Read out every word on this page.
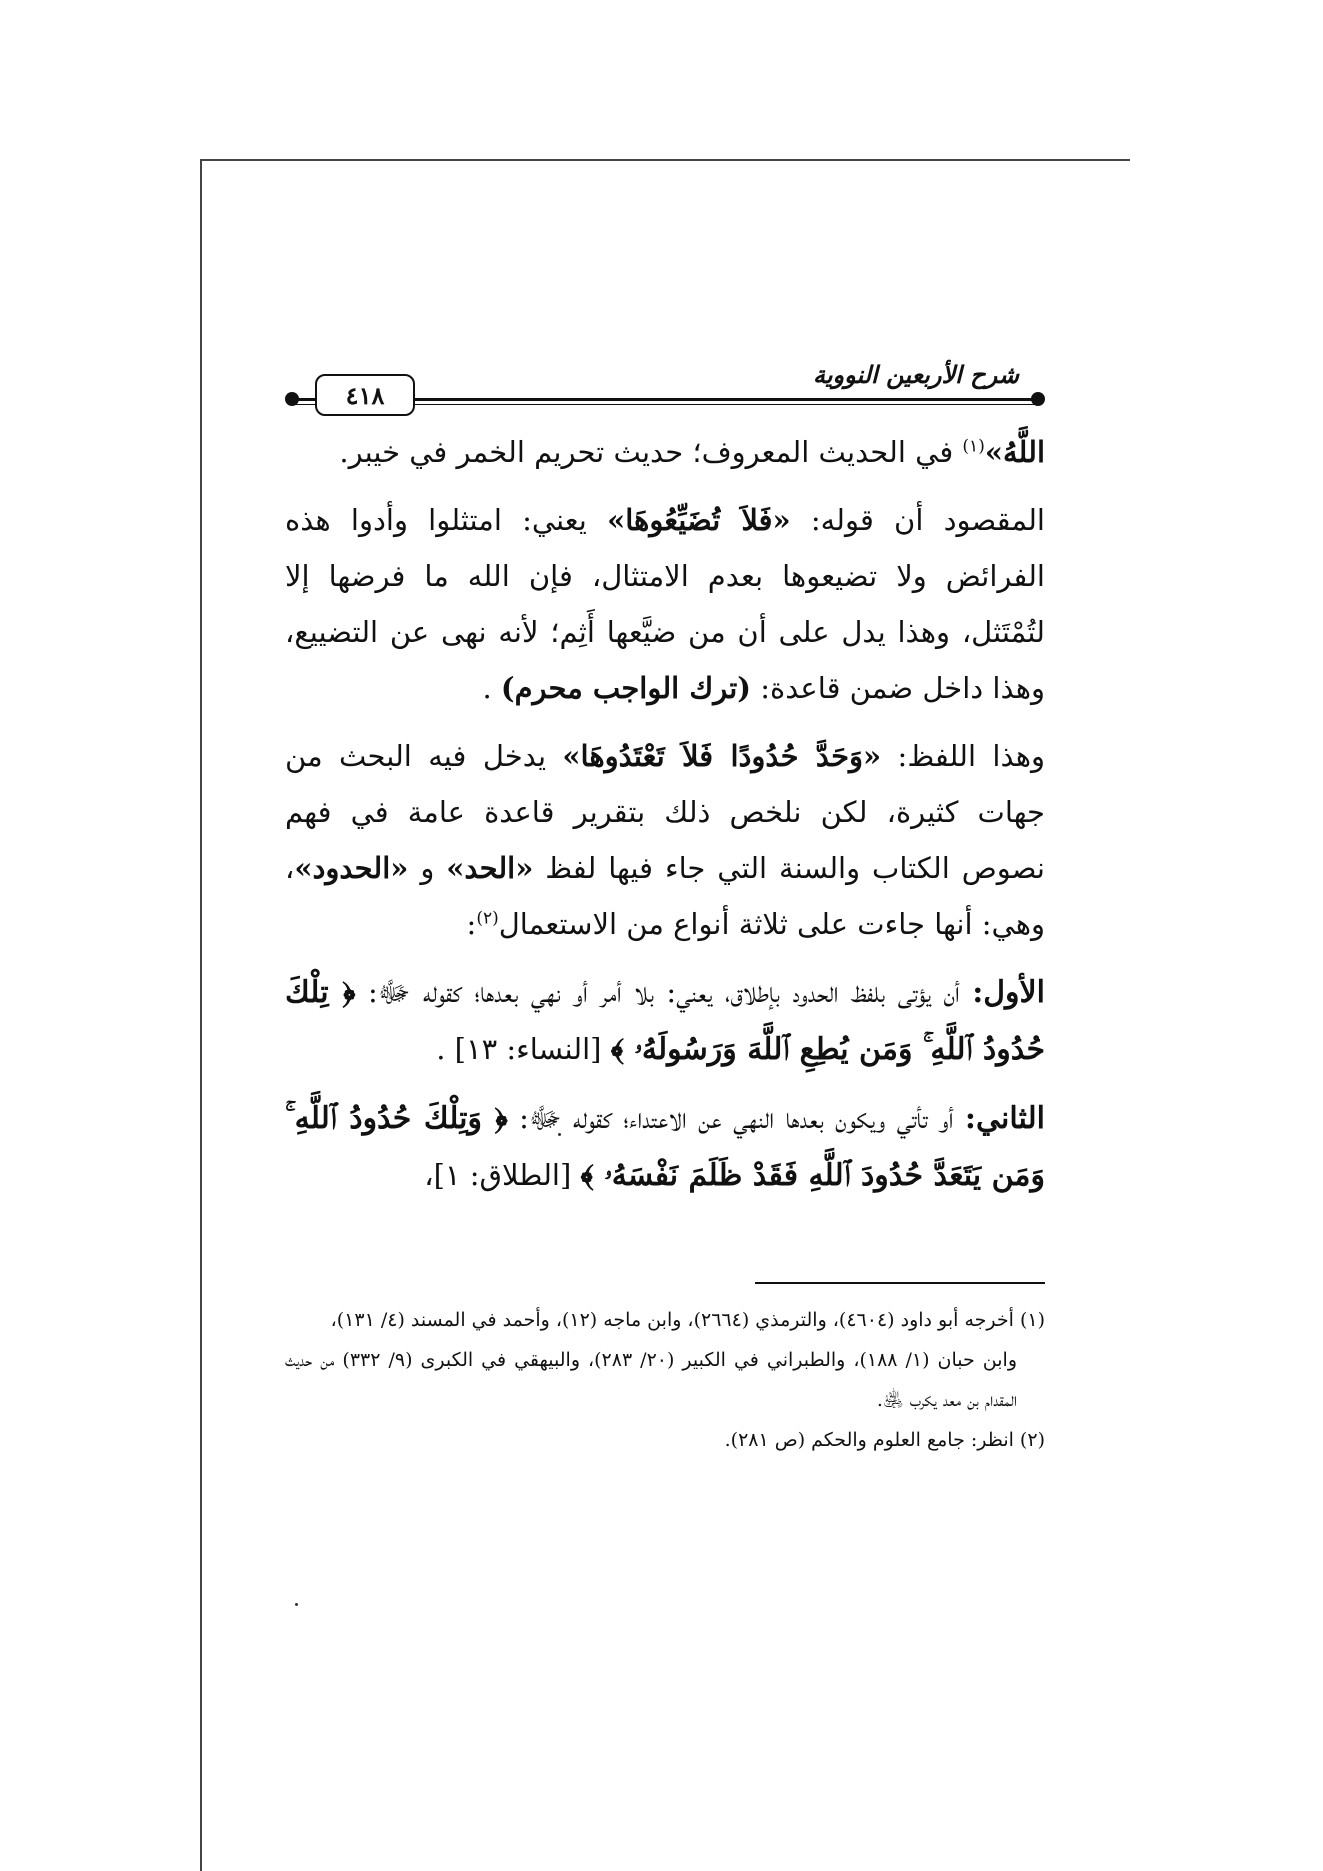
شرح الأربعين النووية
٤١٨

اللَّهُ»$^{(١)}$ في الحديث المعروف؛ حديث تحريم الخمر في خيبر.

المقصود أن قوله: «فَلاَ تُضَيِّعُوهَا» يعني: امتثلوا وأدوا هذه الفرائض ولا تضيعوها بعدم الامتثال، فإن الله ما فرضها إلا لتُمْتَثل، وهذا يدل على أن من ضيَّعها أَثِم؛ لأنه نهى عن التضييع، وهذا داخل ضمن قاعدة: (ترك الواجب محرم) .

وهذا اللفظ: «وَحَدَّ حُدُودًا فَلاَ تَعْتَدُوهَا» يدخل فيه البحث من جهات كثيرة، لكن نلخص ذلك بتقرير قاعدة عامة في فهم نصوص الكتاب والسنة التي جاء فيها لفظ «الحد» و «الحدود»، وهي: أنها جاءت على ثلاثة أنواع من الاستعمال$^{(٢)}$:

الأول: أن يؤتى بلفظ الحدود بإطلاق، يعني: بلا أمر أو نهي بعدها؛ كقوله ﷻ: ﴿ تِلْكَ حُدُودُ ٱللَّهِ ۚ وَمَن يُطِعِ ٱللَّهَ وَرَسُولَهُۥ ﴾ [النساء: ١٣] .

الثاني: أو تأتي ويكون بعدها النهي عن الاعتداء؛ كقوله ﷻ: ﴿ وَتِلْكَ حُدُودُ ٱللَّهِ ۚ وَمَن يَتَعَدَّ حُدُودَ ٱللَّهِ فَقَدْ ظَلَمَ نَفْسَهُۥ ﴾ [الطلاق: ١]،

(١) أخرجه أبو داود (٤٦٠٤)، والترمذي (٢٦٦٤)، وابن ماجه (١٢)، وأحمد في المسند (٤/ ١٣١)،
وابن حبان (١/ ١٨٨)، والطبراني في الكبير (٢٠/ ٢٨٣)، والبيهقي في الكبرى (٩/ ٣٣٢) من حديث المقدام بن معد يكرب ﵁.

(٢) انظر: جامع العلوم والحكم (ص ٢٨١).
